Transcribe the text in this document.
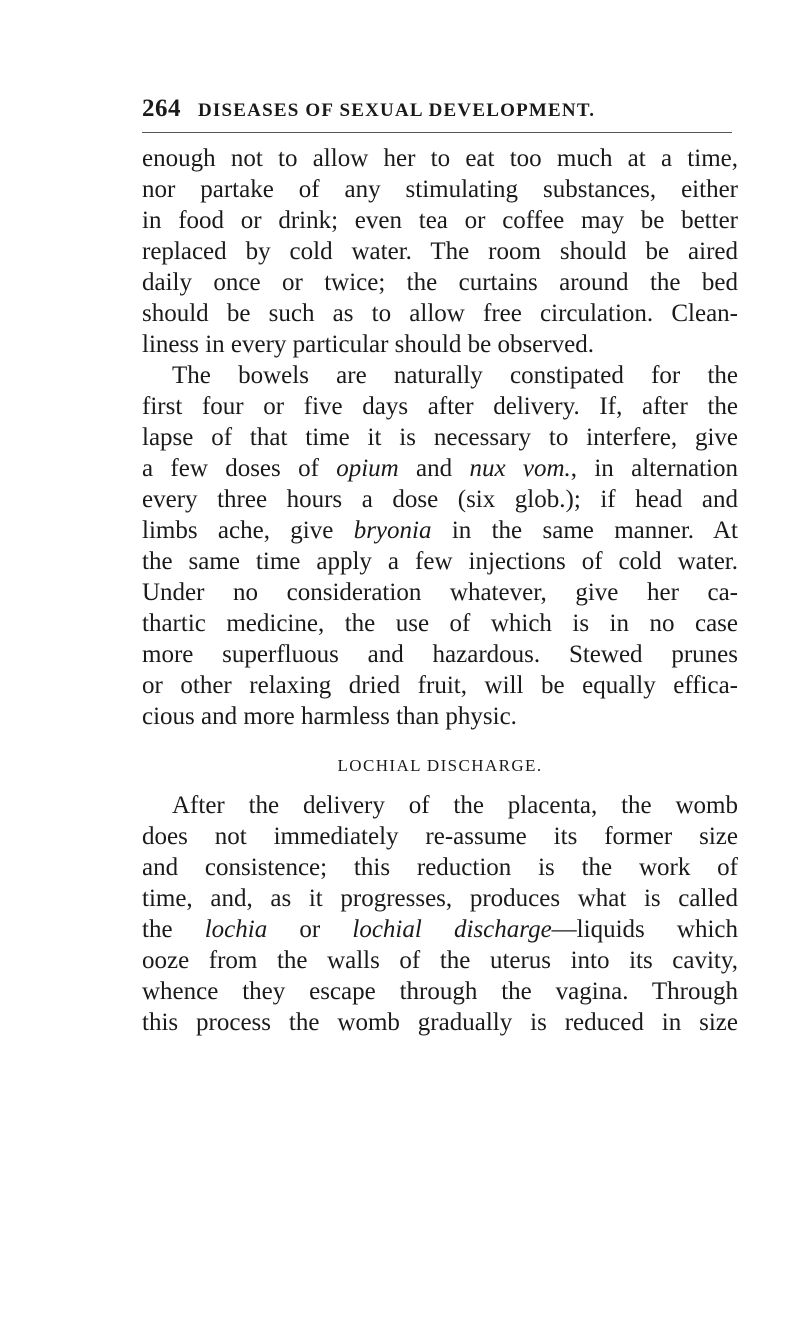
264 DISEASES OF SEXUAL DEVELOPMENT.
enough not to allow her to eat too much at a time,
nor partake of any stimulating substances, either
in food or drink; even tea or coffee may be better
replaced by cold water. The room should be aired
daily once or twice; the curtains around the bed
should be such as to allow free circulation. Clean-
liness in every particular should be observed.
The bowels are naturally constipated for the
first four or five days after delivery. If, after the
lapse of that time it is necessary to interfere, give
a few doses of opium and nux vom., in alternation
every three hours a dose (six glob.); if head and
limbs ache, give bryonia in the same manner. At
the same time apply a few injections of cold water.
Under no consideration whatever, give her ca-
thartic medicine, the use of which is in no case
more superfluous and hazardous. Stewed prunes
or other relaxing dried fruit, will be equally effica-
cious and more harmless than physic.
LOCHIAL DISCHARGE.
After the delivery of the placenta, the womb
does not immediately re-assume its former size
and consistence; this reduction is the work of
time, and, as it progresses, produces what is called
the lochia or lochial discharge—liquids which
ooze from the walls of the uterus into its cavity,
whence they escape through the vagina. Through
this process the womb gradually is reduced in size
